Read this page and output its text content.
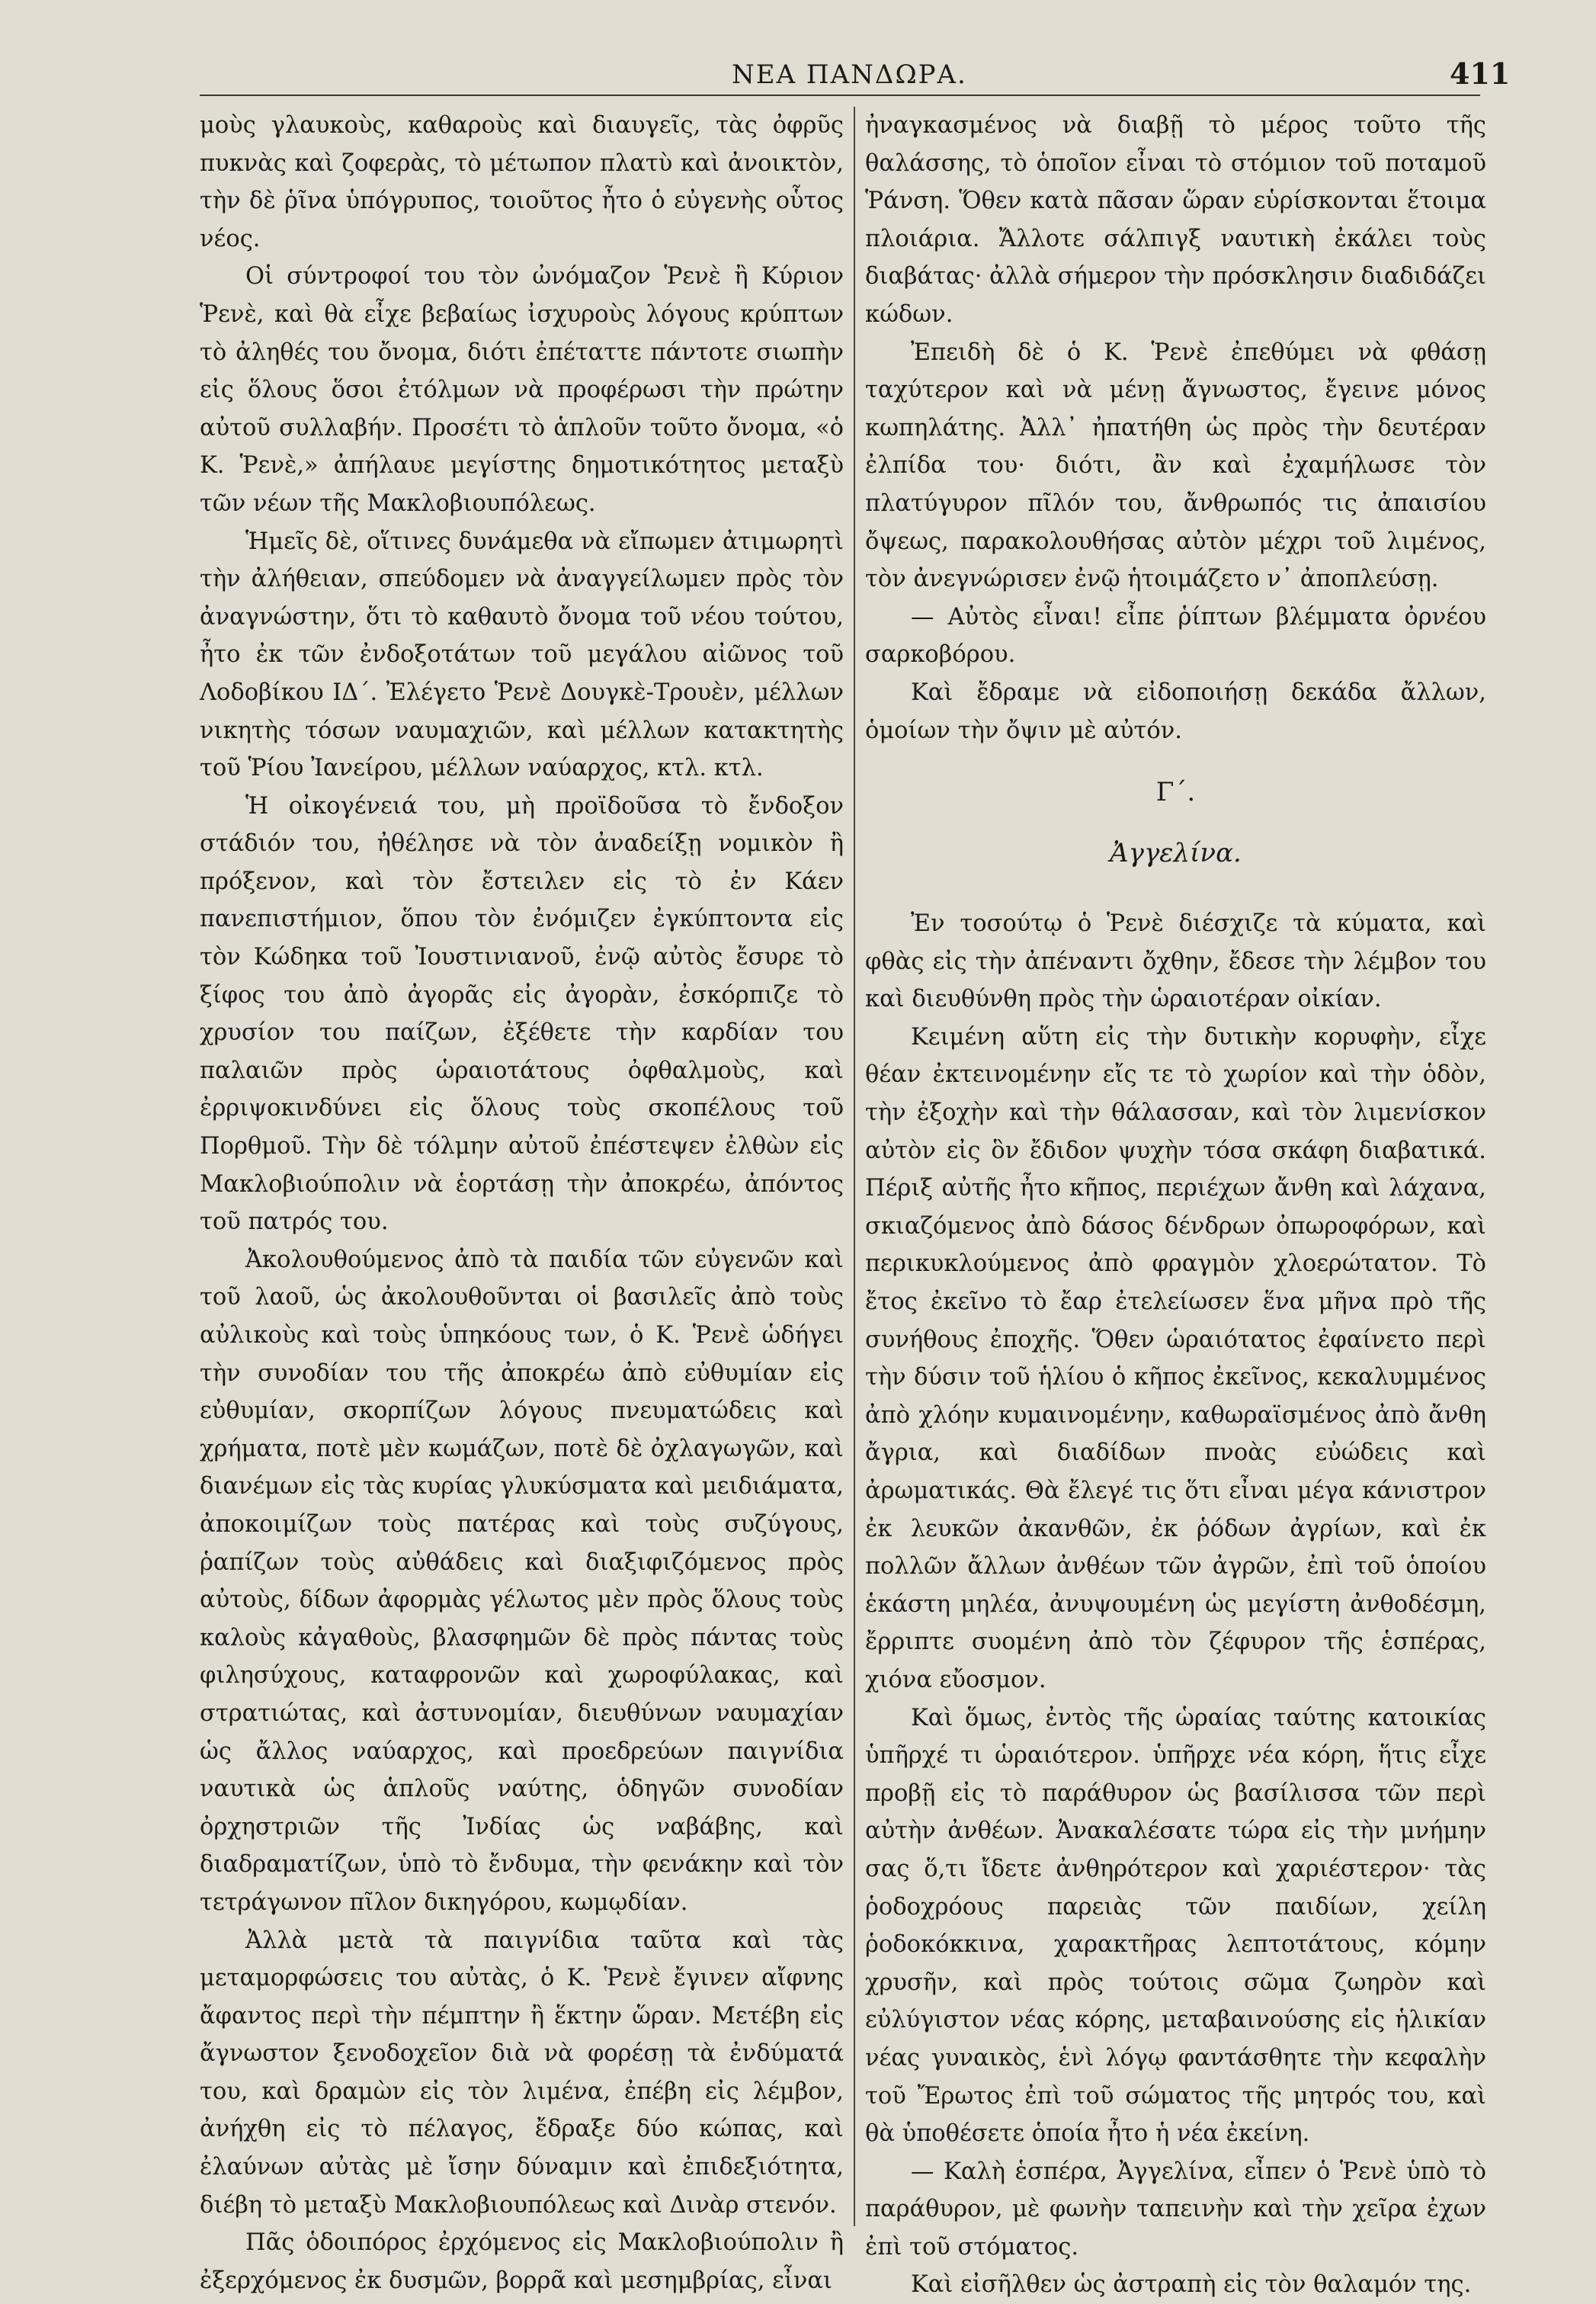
ΝΕΑ ΠΑΝΔΩΡΑ.	411

μοὺς γλαυκοὺς, καθαροὺς καὶ διαυγεῖς, τὰς ὀφρῦς πυκνὰς καὶ ζοφερὰς, τὸ μέτωπον πλατὺ καὶ ἀνοικτὸν, τὴν δὲ ῥῖνα ὑπόγρυπος, τοιοῦτος ἦτο ὁ εὐγενὴς οὗτος νέος.

Οἱ σύντροφοί του τὸν ὠνόμαζον Ῥενὲ ἢ Κύριον Ῥενὲ, καὶ θὰ εἶχε βεβαίως ἰσχυροὺς λόγους κρύπτων τὸ ἀληθές του ὄνομα, διότι ἐπέταττε πάντοτε σιωπὴν εἰς ὅλους ὅσοι ἐτόλμων νὰ προφέρωσι τὴν πρώτην αὐτοῦ συλλαβήν. Προσέτι τὸ ἁπλοῦν τοῦτο ὄνομα, «ὁ Κ. Ῥενὲ,» ἀπήλαυε μεγίστης δημοτικότητος μεταξὺ τῶν νέων τῆς Μακλοβιουπόλεως.

Ἡμεῖς δὲ, οἵτινες δυνάμεθα νὰ εἴπωμεν ἀτιμωρητὶ τὴν ἀλήθειαν, σπεύδομεν νὰ ἀναγγείλωμεν πρὸς τὸν ἀναγνώστην, ὅτι τὸ καθαυτὸ ὄνομα τοῦ νέου τούτου, ἦτο ἐκ τῶν ἐνδοξοτάτων τοῦ μεγάλου αἰῶνος τοῦ Λοδοβίκου ΙΔ΄. Ἐλέγετο Ῥενὲ Δουγκὲ-Τρουὲν, μέλλων νικητὴς τόσων ναυμαχιῶν, καὶ μέλλων κατακτητὴς τοῦ Ῥίου Ἰανείρου, μέλλων ναύαρχος, κτλ. κτλ.

Ἡ οἰκογένειά του, μὴ προϊδοῦσα τὸ ἔνδοξον στάδιόν του, ἠθέλησε νὰ τὸν ἀναδείξῃ νομικὸν ἢ πρόξενον, καὶ τὸν ἔστειλεν εἰς τὸ ἐν Κάεν πανεπιστήμιον, ὅπου τὸν ἐνόμιζεν ἐγκύπτοντα εἰς τὸν Κώδηκα τοῦ Ἰουστινιανοῦ, ἐνῷ αὐτὸς ἔσυρε τὸ ξίφος του ἀπὸ ἀγορᾶς εἰς ἀγορὰν, ἐσκόρπιζε τὸ χρυσίον του παίζων, ἐξέθετε τὴν καρδίαν του παλαιῶν πρὸς ὡραιοτάτους ὀφθαλμοὺς, καὶ ἐρριψοκινδύνει εἰς ὅλους τοὺς σκοπέλους τοῦ Πορθμοῦ. Τὴν δὲ τόλμην αὐτοῦ ἐπέστεψεν ἐλθὼν εἰς Μακλοβιούπολιν νὰ ἑορτάσῃ τὴν ἀποκρέω, ἀπόντος τοῦ πατρός του.

Ἀκολουθούμενος ἀπὸ τὰ παιδία τῶν εὐγενῶν καὶ τοῦ λαοῦ, ὡς ἀκολουθοῦνται οἱ βασιλεῖς ἀπὸ τοὺς αὐλικοὺς καὶ τοὺς ὑπηκόους των, ὁ Κ. Ῥενὲ ὡδήγει τὴν συνοδίαν του τῆς ἀποκρέω ἀπὸ εὐθυμίαν εἰς εὐθυμίαν, σκορπίζων λόγους πνευματώδεις καὶ χρήματα, ποτὲ μὲν κωμάζων, ποτὲ δὲ ὀχλαγωγῶν, καὶ διανέμων εἰς τὰς κυρίας γλυκύσματα καὶ μειδιάματα, ἀποκοιμίζων τοὺς πατέρας καὶ τοὺς συζύγους, ῥαπίζων τοὺς αὐθάδεις καὶ διαξιφιζόμενος πρὸς αὐτοὺς, δίδων ἀφορμὰς γέλωτος μὲν πρὸς ὅλους τοὺς καλοὺς κἀγαθοὺς, βλασφημῶν δὲ πρὸς πάντας τοὺς φιλησύχους, καταφρονῶν καὶ χωροφύλακας, καὶ στρατιώτας, καὶ ἀστυνομίαν, διευθύνων ναυμαχίαν ὡς ἄλλος ναύαρχος, καὶ προεδρεύων παιγνίδια ναυτικὰ ὡς ἁπλοῦς ναύτης, ὁδηγῶν συνοδίαν ὀρχηστριῶν τῆς Ἰνδίας ὡς ναβάβης, καὶ διαδραματίζων, ὑπὸ τὸ ἔνδυμα, τὴν φενάκην καὶ τὸν τετράγωνον πῖλον δικηγόρου, κωμῳδίαν.

Ἀλλὰ μετὰ τὰ παιγνίδια ταῦτα καὶ τὰς μεταμορφώσεις του αὐτὰς, ὁ Κ. Ῥενὲ ἔγινεν αἴφνης ἄφαντος περὶ τὴν πέμπτην ἢ ἕκτην ὥραν. Μετέβη εἰς ἄγνωστον ξενοδοχεῖον διὰ νὰ φορέσῃ τὰ ἐνδύματά του, καὶ δραμὼν εἰς τὸν λιμένα, ἐπέβη εἰς λέμβον, ἀνήχθη εἰς τὸ πέλαγος, ἔδραξε δύο κώπας, καὶ ἐλαύνων αὐτὰς μὲ ἴσην δύναμιν καὶ ἐπιδεξιότητα, διέβη τὸ μεταξὺ Μακλοβιουπόλεως καὶ Δινὰρ στενόν.

Πᾶς ὁδοιπόρος ἐρχόμενος εἰς Μακλοβιούπολιν ἢ ἐξερχόμενος ἐκ δυσμῶν, βορρᾶ καὶ μεσημβρίας, εἶναι

ἠναγκασμένος νὰ διαβῇ τὸ μέρος τοῦτο τῆς θαλάσσης, τὸ ὁποῖον εἶναι τὸ στόμιον τοῦ ποταμοῦ Ῥάνση. Ὅθεν κατὰ πᾶσαν ὥραν εὑρίσκονται ἕτοιμα πλοιάρια. Ἄλλοτε σάλπιγξ ναυτικὴ ἐκάλει τοὺς διαβάτας· ἀλλὰ σήμερον τὴν πρόσκλησιν διαδιδάζει κώδων.

Ἐπειδὴ δὲ ὁ Κ. Ῥενὲ ἐπεθύμει νὰ φθάσῃ ταχύτερον καὶ νὰ μένῃ ἄγνωστος, ἔγεινε μόνος κωπηλάτης. Ἀλλ᾽ ἠπατήθη ὡς πρὸς τὴν δευτέραν ἐλπίδα του· διότι, ἂν καὶ ἐχαμήλωσε τὸν πλατύγυρον πῖλόν του, ἄνθρωπός τις ἀπαισίου ὄψεως, παρακολουθήσας αὐτὸν μέχρι τοῦ λιμένος, τὸν ἀνεγνώρισεν ἐνῷ ἡτοιμάζετο ν᾽ ἀποπλεύσῃ.

— Αὐτὸς εἶναι! εἶπε ῥίπτων βλέμματα ὀρνέου σαρκοβόρου.

Καὶ ἔδραμε νὰ εἰδοποιήσῃ δεκάδα ἄλλων, ὁμοίων τὴν ὄψιν μὲ αὐτόν.

Γ΄.
Ἀγγελίνα.

Ἐν τοσούτῳ ὁ Ῥενὲ διέσχιζε τὰ κύματα, καὶ φθὰς εἰς τὴν ἀπέναντι ὄχθην, ἔδεσε τὴν λέμβον του καὶ διευθύνθη πρὸς τὴν ὡραιοτέραν οἰκίαν.

Κειμένη αὕτη εἰς τὴν δυτικὴν κορυφὴν, εἶχε θέαν ἐκτεινομένην εἴς τε τὸ χωρίον καὶ τὴν ὁδὸν, τὴν ἐξοχὴν καὶ τὴν θάλασσαν, καὶ τὸν λιμενίσκον αὐτὸν εἰς ὃν ἔδιδον ψυχὴν τόσα σκάφη διαβατικά. Πέριξ αὐτῆς ἦτο κῆπος, περιέχων ἄνθη καὶ λάχανα, σκιαζόμενος ἀπὸ δάσος δένδρων ὀπωροφόρων, καὶ περικυκλούμενος ἀπὸ φραγμὸν χλοερώτατον. Τὸ ἔτος ἐκεῖνο τὸ ἔαρ ἐτελείωσεν ἕνα μῆνα πρὸ τῆς συνήθους ἐποχῆς. Ὅθεν ὡραιότατος ἐφαίνετο περὶ τὴν δύσιν τοῦ ἡλίου ὁ κῆπος ἐκεῖνος, κεκαλυμμένος ἀπὸ χλόην κυμαινομένην, καθωραϊσμένος ἀπὸ ἄνθη ἄγρια, καὶ διαδίδων πνοὰς εὐώδεις καὶ ἀρωματικάς. Θὰ ἔλεγέ τις ὅτι εἶναι μέγα κάνιστρον ἐκ λευκῶν ἀκανθῶν, ἐκ ῥόδων ἀγρίων, καὶ ἐκ πολλῶν ἄλλων ἀνθέων τῶν ἀγρῶν, ἐπὶ τοῦ ὁποίου ἑκάστη μηλέα, ἀνυψουμένη ὡς μεγίστη ἀνθοδέσμη, ἔρριπτε συομένη ἀπὸ τὸν ζέφυρον τῆς ἑσπέρας, χιόνα εὔοσμον.

Καὶ ὅμως, ἐντὸς τῆς ὡραίας ταύτης κατοικίας ὑπῆρχέ τι ὡραιότερον. ὑπῆρχε νέα κόρη, ἥτις εἶχε προβῇ εἰς τὸ παράθυρον ὡς βασίλισσα τῶν περὶ αὐτὴν ἀνθέων. Ἀνακαλέσατε τώρα εἰς τὴν μνήμην σας ὅ,τι ἴδετε ἀνθηρότερον καὶ χαριέστερον· τὰς ῥοδοχρόους παρειὰς τῶν παιδίων, χείλη ῥοδοκόκκινα, χαρακτῆρας λεπτοτάτους, κόμην χρυσῆν, καὶ πρὸς τούτοις σῶμα ζωηρὸν καὶ εὐλύγιστον νέας κόρης, μεταβαινούσης εἰς ἡλικίαν νέας γυναικὸς, ἑνὶ λόγῳ φαντάσθητε τὴν κεφαλὴν τοῦ Ἔρωτος ἐπὶ τοῦ σώματος τῆς μητρός του, καὶ θὰ ὑποθέσετε ὁποία ἦτο ἡ νέα ἐκείνη.

— Καλὴ ἑσπέρα, Ἀγγελίνα, εἶπεν ὁ Ῥενὲ ὑπὸ τὸ παράθυρον, μὲ φωνὴν ταπεινὴν καὶ τὴν χεῖρα ἐχων ἐπὶ τοῦ στόματος.

Καὶ εἰσῆλθεν ὡς ἀστραπὴ εἰς τὸν θαλαμόν της.
